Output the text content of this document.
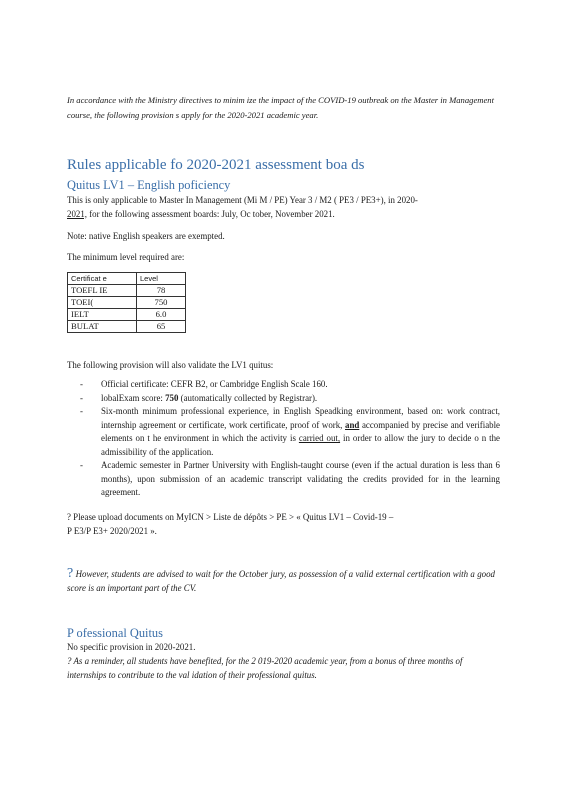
In accordance with the Ministry directives to minim ize the impact of the COVID-19 outbreak on the Master in Management course, the following provision s apply for the 2020-2021 academic year.
Rules applicable fo 2020-2021 assessment boa ds
Quitus LV1 – English poficiency
This is only applicable to Master In Management (Mi M / PE) Year 3 / M2 ( PE3 / PE3+), in 2020-
2021, for the following assessment boards: July, Oc tober, November 2021.
Note: native English speakers are exempted.
The minimum level required are:
Certificat e	Level
TOEFL IE	78
TOEI(	750
IELT	6.0
BULAT	65
The following provision will also validate the LV1 quitus:
- Official certificate: CEFR B2, or Cambridge English Scale 160.
- lobalExam score: 750 (automatically collected by Registrar).
- Six-month minimum professional experience, in English Speadking environment, based on: work contract, internship agreement or certificate, work certificate, proof of work, and accompanied by precise and verifiable elements on t he environment in which the activity is carried out, in order to allow the jury to decide o n the admissibility of the application.
- Academic semester in Partner University with English-taught course (even if the actual duration is less than 6 months), upon submission of an academic transcript validating the credits provided for in the learning agreement.
? Please upload documents on MyICN > Liste de dépôts > PE > « Quitus LV1 – Covid-19 –
P E3/P E3+ 2020/2021 ».
? However, students are advised to wait for the October jury, as possession of a valid external certification with a good score is an important part of the CV.
P ofessional Quitus
No specific provision in 2020-2021.
? As a reminder, all students have benefited, for the 2 019-2020 academic year, from a bonus of three months of internships to contribute to the val idation of their professional quitus.
